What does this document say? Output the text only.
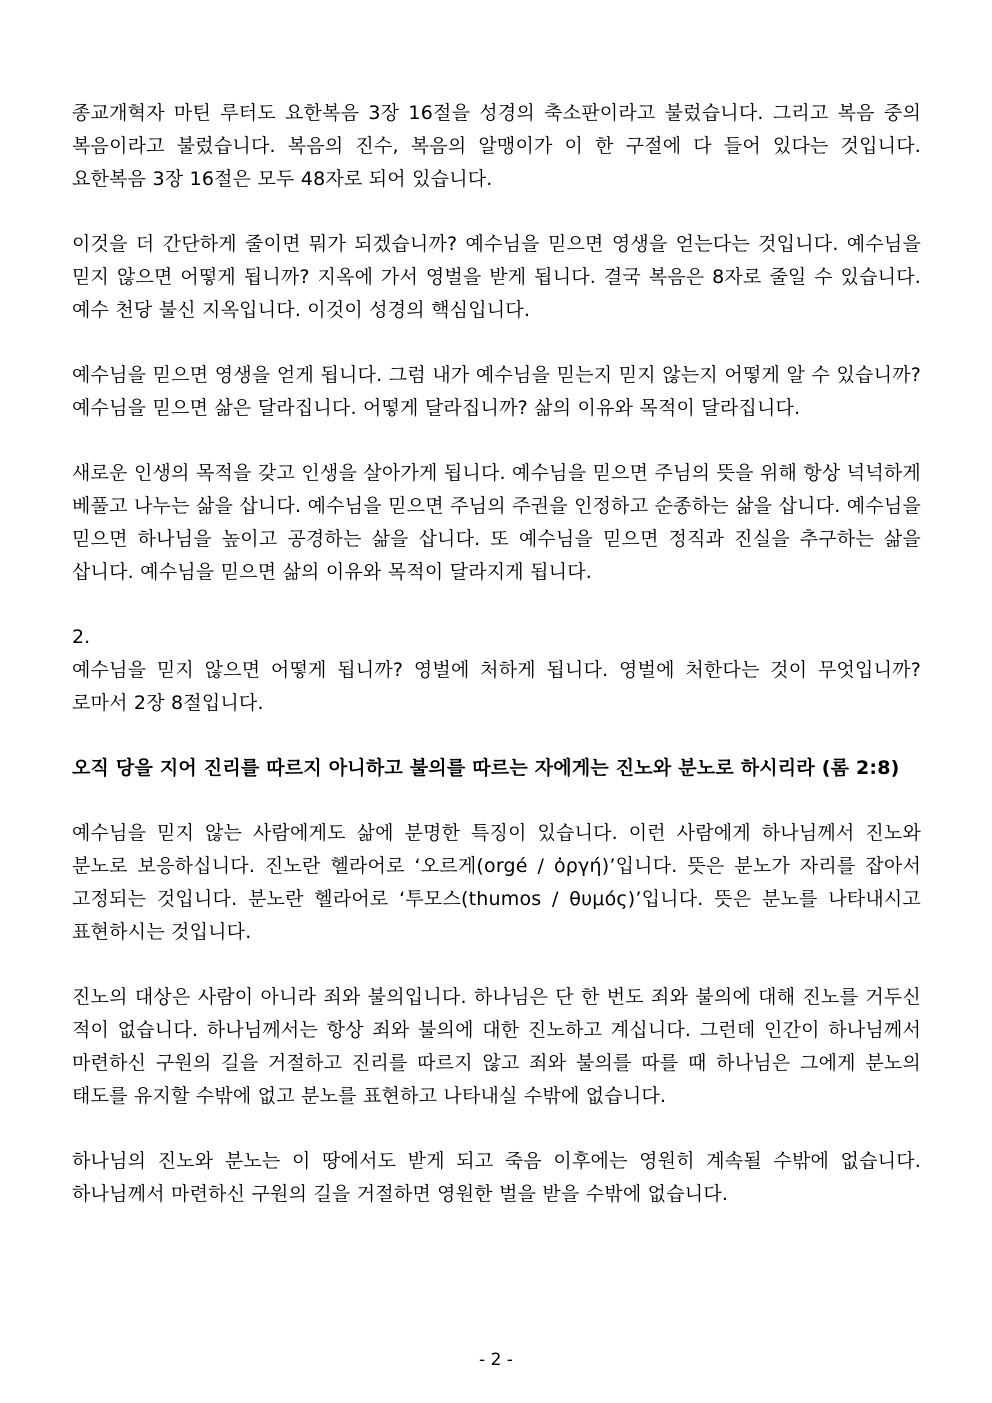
종교개혁자 마틴 루터도 요한복음 3장 16절을 성경의 축소판이라고 불렀습니다. 그리고 복음 중의 복음이라고 불렀습니다. 복음의 진수, 복음의 알맹이가 이 한 구절에 다 들어 있다는 것입니다. 요한복음 3장 16절은 모두 48자로 되어 있습니다.

이것을 더 간단하게 줄이면 뭐가 되겠습니까? 예수님을 믿으면 영생을 얻는다는 것입니다. 예수님을 믿지 않으면 어떻게 됩니까? 지옥에 가서 영벌을 받게 됩니다. 결국 복음은 8자로 줄일 수 있습니다. 예수 천당 불신 지옥입니다. 이것이 성경의 핵심입니다.

예수님을 믿으면 영생을 얻게 됩니다. 그럼 내가 예수님을 믿는지 믿지 않는지 어떻게 알 수 있습니까? 예수님을 믿으면 삶은 달라집니다. 어떻게 달라집니까? 삶의 이유와 목적이 달라집니다.

새로운 인생의 목적을 갖고 인생을 살아가게 됩니다. 예수님을 믿으면 주님의 뜻을 위해 항상 넉넉하게 베풀고 나누는 삶을 삽니다. 예수님을 믿으면 주님의 주권을 인정하고 순종하는 삶을 삽니다. 예수님을 믿으면 하나님을 높이고 공경하는 삶을 삽니다. 또 예수님을 믿으면 정직과 진실을 추구하는 삶을 삽니다. 예수님을 믿으면 삶의 이유와 목적이 달라지게 됩니다.

2.

예수님을 믿지 않으면 어떻게 됩니까? 영벌에 처하게 됩니다. 영벌에 처한다는 것이 무엇입니까? 로마서 2장 8절입니다.

오직 당을 지어 진리를 따르지 아니하고 불의를 따르는 자에게는 진노와 분노로 하시리라 (롬 2:8)

예수님을 믿지 않는 사람에게도 삶에 분명한 특징이 있습니다. 이런 사람에게 하나님께서 진노와 분노로 보응하십니다. 진노란 헬라어로 ‘오르게(orgé / ὀργή)’입니다. 뜻은 분노가 자리를 잡아서 고정되는 것입니다. 분노란 헬라어로 ‘투모스(thumos / θυμός)’입니다. 뜻은 분노를 나타내시고 표현하시는 것입니다.

진노의 대상은 사람이 아니라 죄와 불의입니다. 하나님은 단 한 번도 죄와 불의에 대해 진노를 거두신 적이 없습니다. 하나님께서는 항상 죄와 불의에 대한 진노하고 계십니다. 그런데 인간이 하나님께서 마련하신 구원의 길을 거절하고 진리를 따르지 않고 죄와 불의를 따를 때 하나님은 그에게 분노의 태도를 유지할 수밖에 없고 분노를 표현하고 나타내실 수밖에 없습니다.

하나님의 진노와 분노는 이 땅에서도 받게 되고 죽음 이후에는 영원히 계속될 수밖에 없습니다. 하나님께서 마련하신 구원의 길을 거절하면 영원한 벌을 받을 수밖에 없습니다.

- 2 -
